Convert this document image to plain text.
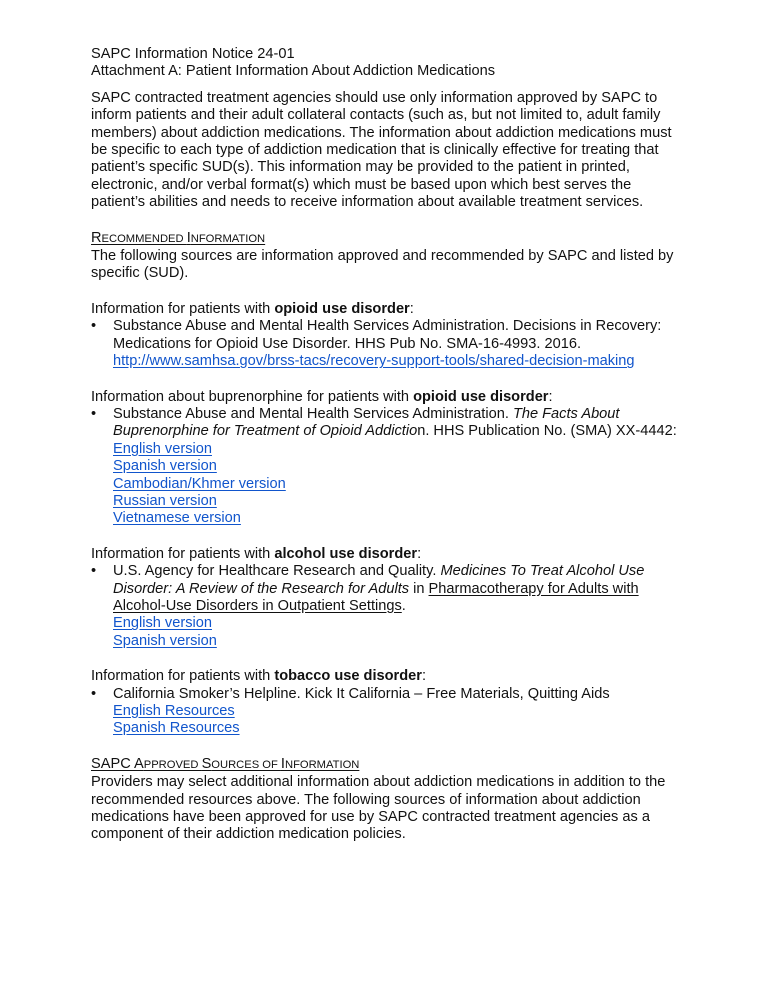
SAPC Information Notice 24-01

Attachment A: Patient Information About Addiction Medications

SAPC contracted treatment agencies should use only information approved by SAPC to inform patients and their adult collateral contacts (such as, but not limited to, adult family members) about addiction medications. The information about addiction medications must be specific to each type of addiction medication that is clinically effective for treating that patient’s specific SUD(s). This information may be provided to the patient in printed, electronic, and/or verbal format(s) which must be based upon which best serves the patient’s abilities and needs to receive information about available treatment services.

RECOMMENDED INFORMATION

The following sources are information approved and recommended by SAPC and listed by specific (SUD).

Information for patients with opioid use disorder:

•	Substance Abuse and Mental Health Services Administration. Decisions in Recovery: Medications for Opioid Use Disorder. HHS Pub No. SMA-16-4993. 2016.
http://www.samhsa.gov/brss-tacs/recovery-support-tools/shared-decision-making

Information about buprenorphine for patients with opioid use disorder:

•	Substance Abuse and Mental Health Services Administration. The Facts About Buprenorphine for Treatment of Opioid Addiction. HHS Publication No. (SMA) XX-4442:
English version
Spanish version
Cambodian/Khmer version
Russian version
Vietnamese version

Information for patients with alcohol use disorder:

•	U.S. Agency for Healthcare Research and Quality. Medicines To Treat Alcohol Use Disorder: A Review of the Research for Adults in Pharmacotherapy for Adults with Alcohol-Use Disorders in Outpatient Settings.
English version
Spanish version

Information for patients with tobacco use disorder:

•	California Smoker’s Helpline. Kick It California – Free Materials, Quitting Aids
English Resources
Spanish Resources

SAPC APPROVED SOURCES OF INFORMATION

Providers may select additional information about addiction medications in addition to the recommended resources above. The following sources of information about addiction medications have been approved for use by SAPC contracted treatment agencies as a component of their addiction medication policies.
